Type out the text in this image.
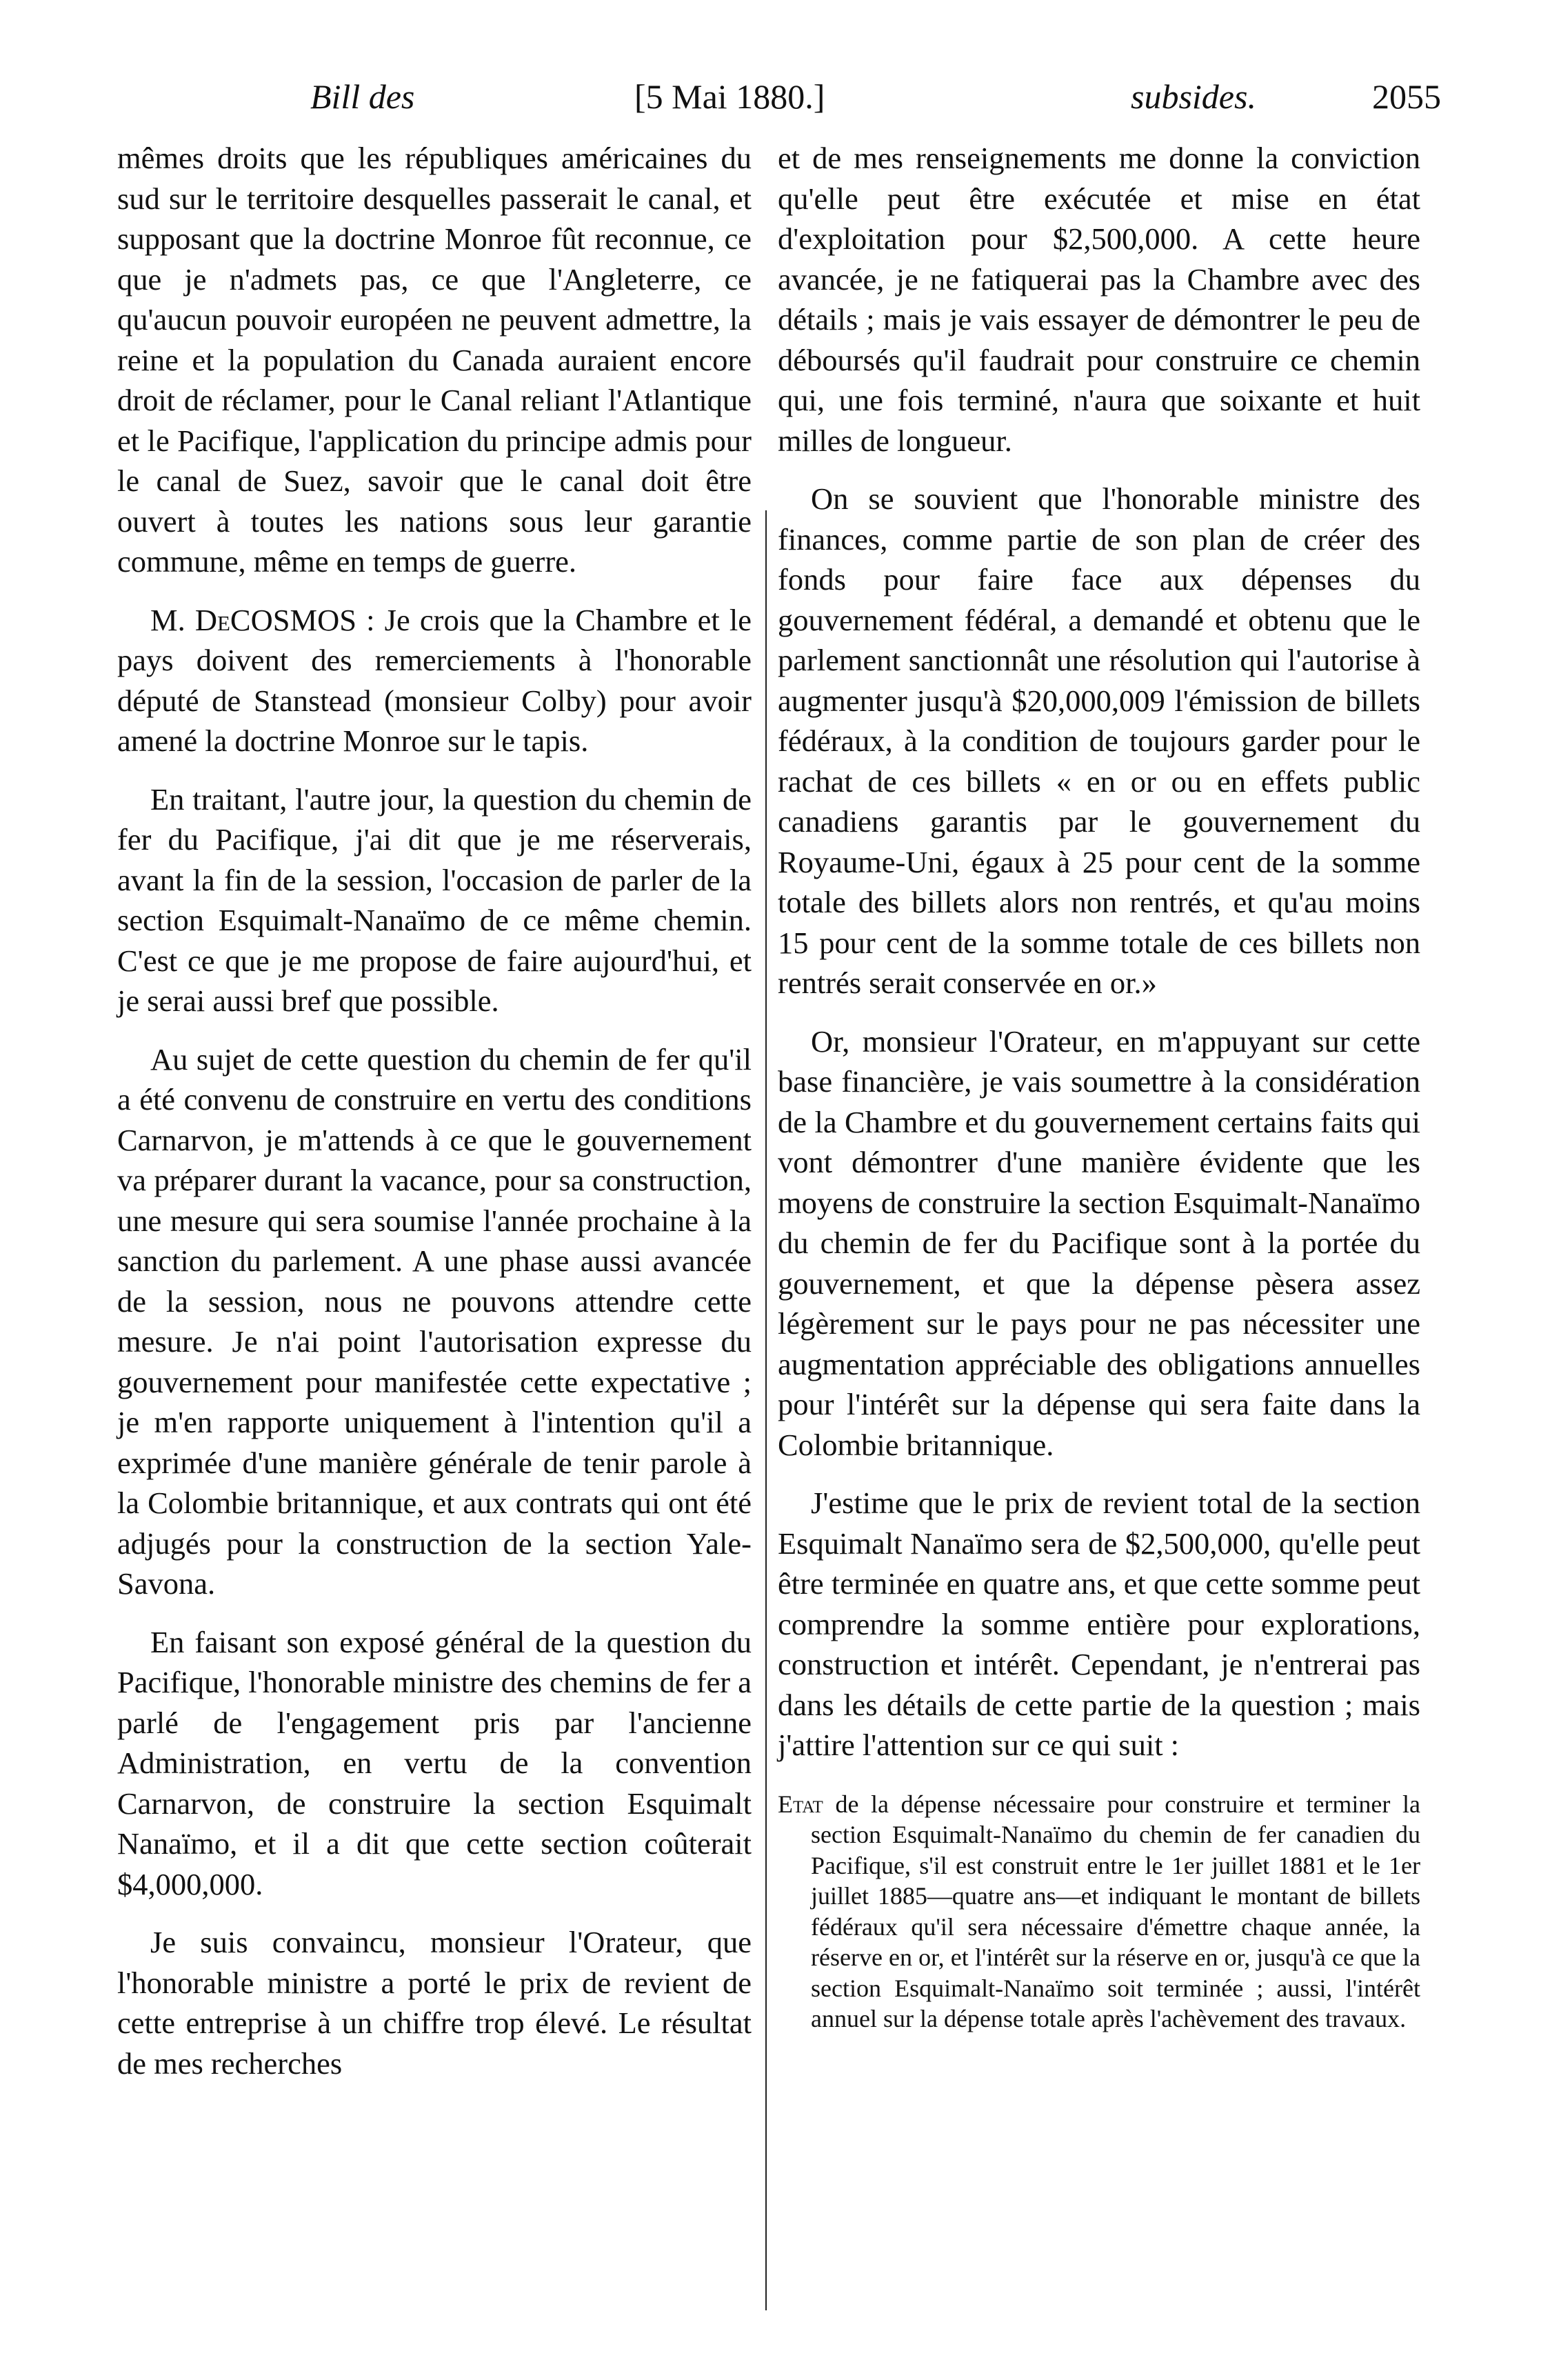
Bill des	[5 Mai 1880.]	subsides.	2055

mêmes droits que les républiques américaines du sud sur le territoire desquelles passerait le canal, et supposant que la doctrine Monroe fût reconnue, ce que je n'admets pas, ce que l'Angleterre, ce qu'aucun pouvoir européen ne peuvent admettre, la reine et la population du Canada auraient encore droit de réclamer, pour le Canal reliant l'Atlantique et le Pacifique, l'application du principe admis pour le canal de Suez, savoir que le canal doit être ouvert à toutes les nations sous leur garantie commune, même en temps de guerre.

M. DeCOSMOS : Je crois que la Chambre et le pays doivent des remerciements à l'honorable député de Stanstead (monsieur Colby) pour avoir amené la doctrine Monroe sur le tapis.

En traitant, l'autre jour, la question du chemin de fer du Pacifique, j'ai dit que je me réserverais, avant la fin de la session, l'occasion de parler de la section Esquimalt-Nanaïmo de ce même chemin. C'est ce que je me propose de faire aujourd'hui, et je serai aussi bref que possible.

Au sujet de cette question du chemin de fer qu'il a été convenu de construire en vertu des conditions Carnarvon, je m'attends à ce que le gouvernement va préparer durant la vacance, pour sa construction, une mesure qui sera soumise l'année prochaine à la sanction du parlement. A une phase aussi avancée de la session, nous ne pouvons attendre cette mesure. Je n'ai point l'autorisation expresse du gouvernement pour manifestée cette expectative ; je m'en rapporte uniquement à l'intention qu'il a exprimée d'une manière générale de tenir parole à la Colombie britannique, et aux contrats qui ont été adjugés pour la construction de la section Yale-Savona.

En faisant son exposé général de la question du Pacifique, l'honorable ministre des chemins de fer a parlé de l'engagement pris par l'ancienne Administration, en vertu de la convention Carnarvon, de construire la section Esquimalt Nanaïmo, et il a dit que cette section coûterait $4,000,000.

Je suis convaincu, monsieur l'Orateur, que l'honorable ministre a porté le prix de revient de cette entreprise à un chiffre trop élevé. Le résultat de mes recherches

et de mes renseignements me donne la conviction qu'elle peut être exécutée et mise en état d'exploitation pour $2,500,000. A cette heure avancée, je ne fatiquerai pas la Chambre avec des détails ; mais je vais essayer de démontrer le peu de déboursés qu'il faudrait pour construire ce chemin qui, une fois terminé, n'aura que soixante et huit milles de longueur.

On se souvient que l'honorable ministre des finances, comme partie de son plan de créer des fonds pour faire face aux dépenses du gouvernement fédéral, a demandé et obtenu que le parlement sanctionnât une résolution qui l'autorise à augmenter jusqu'à $20,000,009 l'émission de billets fédéraux, à la condition de toujours garder pour le rachat de ces billets « en or ou en effets public canadiens garantis par le gouvernement du Royaume-Uni, égaux à 25 pour cent de la somme totale des billets alors non rentrés, et qu'au moins 15 pour cent de la somme totale de ces billets non rentrés serait conservée en or.»

Or, monsieur l'Orateur, en m'appuyant sur cette base financière, je vais soumettre à la considération de la Chambre et du gouvernement certains faits qui vont démontrer d'une manière évidente que les moyens de construire la section Esquimalt-Nanaïmo du chemin de fer du Pacifique sont à la portée du gouvernement, et que la dépense pèsera assez légèrement sur le pays pour ne pas nécessiter une augmentation appréciable des obligations annuelles pour l'intérêt sur la dépense qui sera faite dans la Colombie britannique.

J'estime que le prix de revient total de la section Esquimalt Nanaïmo sera de $2,500,000, qu'elle peut être terminée en quatre ans, et que cette somme peut comprendre la somme entière pour explorations, construction et intérêt. Cependant, je n'entrerai pas dans les détails de cette partie de la question ; mais j'attire l'attention sur ce qui suit :

Etat de la dépense nécessaire pour construire et terminer la section Esquimalt-Nanaïmo du chemin de fer canadien du Pacifique, s'il est construit entre le 1er juillet 1881 et le 1er juillet 1885—quatre ans—et indiquant le montant de billets fédéraux qu'il sera nécessaire d'émettre chaque année, la réserve en or, et l'intérêt sur la réserve en or, jusqu'à ce que la section Esquimalt-Nanaïmo soit terminée ; aussi, l'intérêt annuel sur la dépense totale après l'achèvement des travaux.
